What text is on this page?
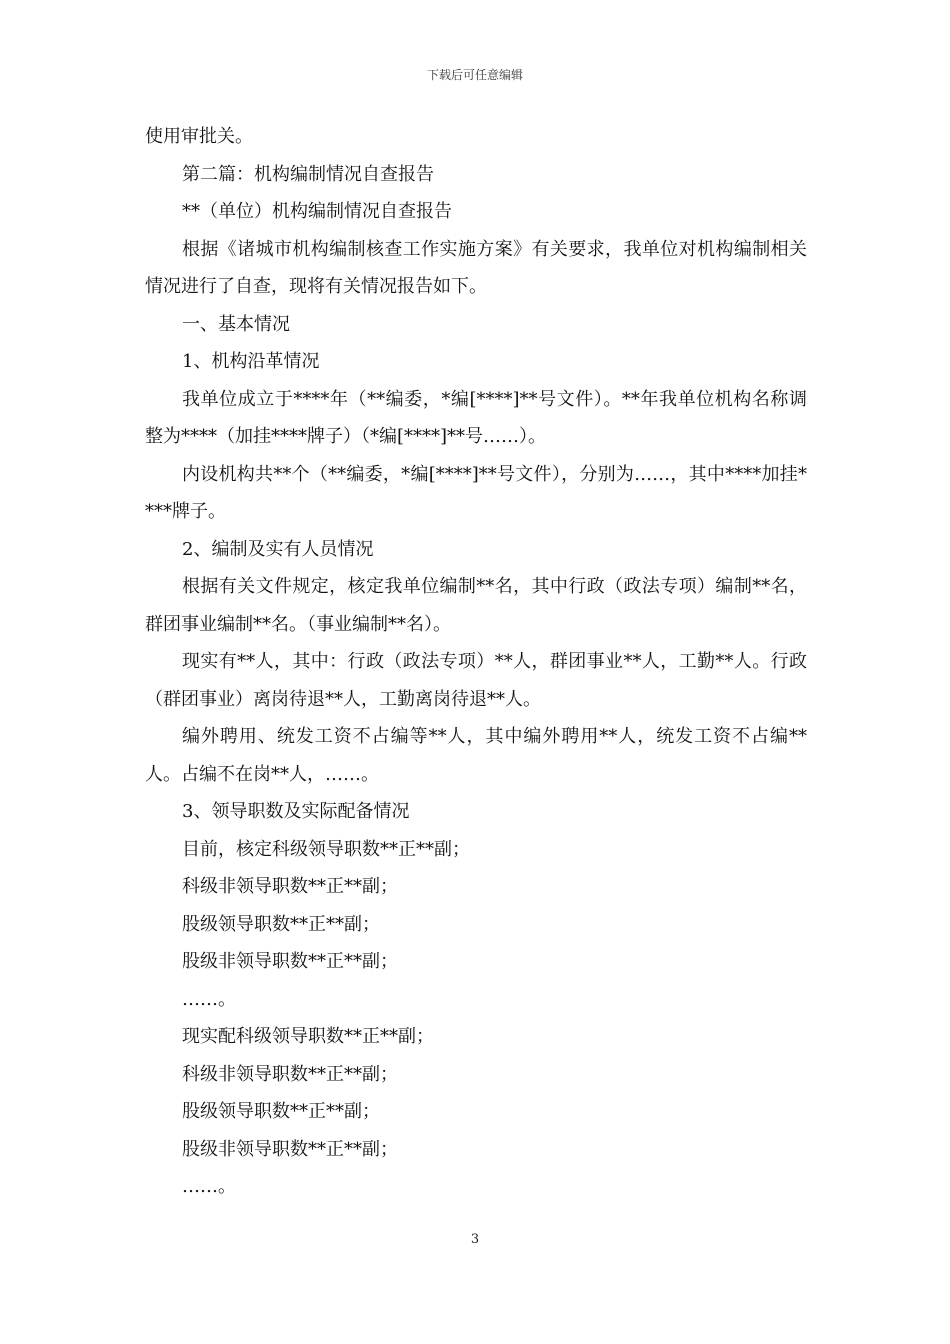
下载后可任意编辑

使用审批关。

第二篇：机构编制情况自查报告

**（单位）机构编制情况自查报告

根据《诸城市机构编制核查工作实施方案》有关要求，我单位对机构编制相关情况进行了自查，现将有关情况报告如下。

一、基本情况

1、机构沿革情况

我单位成立于****年（**编委，*编[****]**号文件）。**年我单位机构名称调整为****（加挂****牌子）（*编[****]**号……）。

内设机构共**个（**编委，*编[****]**号文件），分别为……，其中****加挂****牌子。

2、编制及实有人员情况

根据有关文件规定，核定我单位编制**名，其中行政（政法专项）编制**名，群团事业编制**名。（事业编制**名）。

现实有**人，其中：行政（政法专项）**人，群团事业**人，工勤**人。行政（群团事业）离岗待退**人，工勤离岗待退**人。

编外聘用、统发工资不占编等**人，其中编外聘用**人，统发工资不占编**人。占编不在岗**人，……。

3、领导职数及实际配备情况

目前，核定科级领导职数**正**副；

科级非领导职数**正**副；

股级领导职数**正**副；

股级非领导职数**正**副；

……。

现实配科级领导职数**正**副；

科级非领导职数**正**副；

股级领导职数**正**副；

股级非领导职数**正**副；

……。

3
